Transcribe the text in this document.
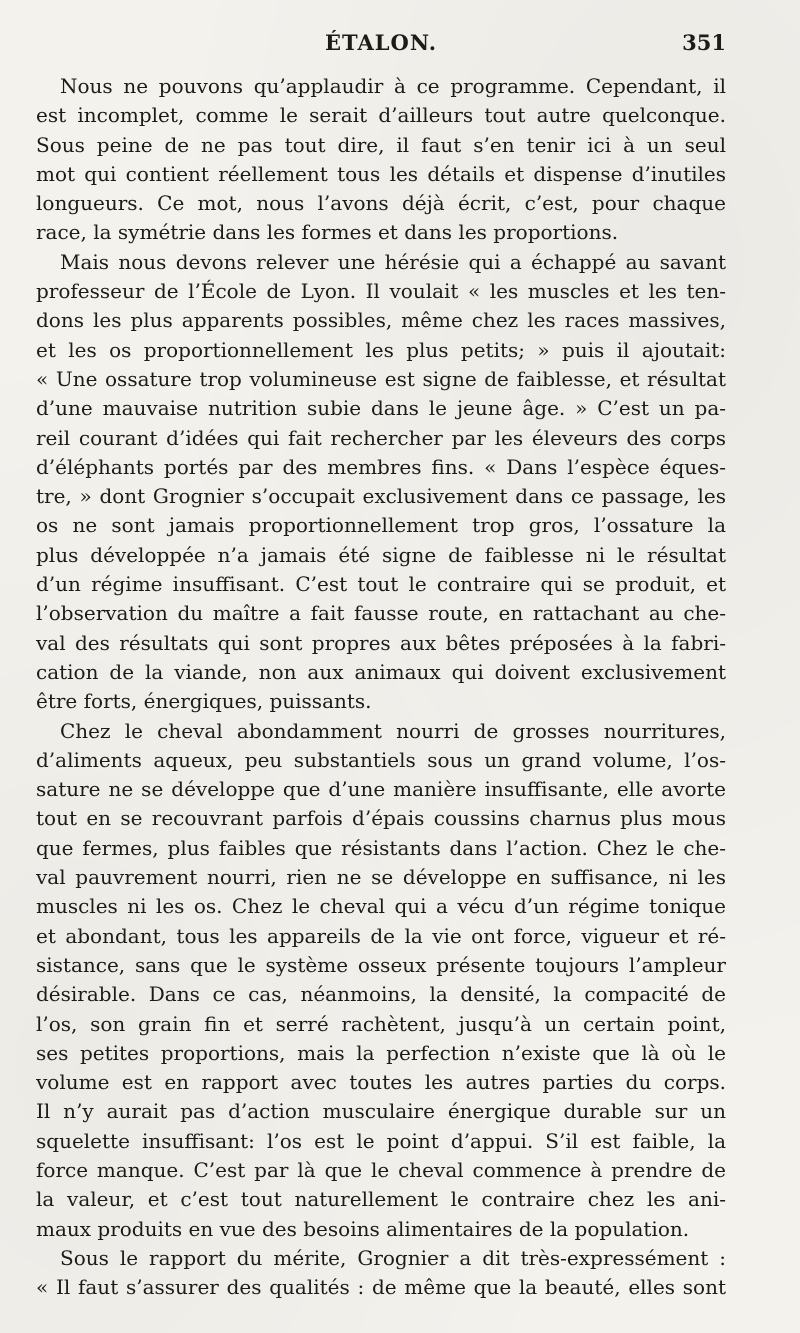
ÉTALON.	351
Nous ne pouvons qu’applaudir à ce programme. Cependant, il
est incomplet, comme le serait d’ailleurs tout autre quelconque.
Sous peine de ne pas tout dire, il faut s’en tenir ici à un seul
mot qui contient réellement tous les détails et dispense d’inutiles
longueurs. Ce mot, nous l’avons déjà écrit, c’est, pour chaque
race, la symétrie dans les formes et dans les proportions.
Mais nous devons relever une hérésie qui a échappé au savant
professeur de l’École de Lyon. Il voulait « les muscles et les ten-
dons les plus apparents possibles, même chez les races massives,
et les os proportionnellement les plus petits; » puis il ajoutait:
« Une ossature trop volumineuse est signe de faiblesse, et résultat
d’une mauvaise nutrition subie dans le jeune âge. » C’est un pa-
reil courant d’idées qui fait rechercher par les éleveurs des corps
d’éléphants portés par des membres fins. « Dans l’espèce éques-
tre, » dont Grognier s’occupait exclusivement dans ce passage, les
os ne sont jamais proportionnellement trop gros, l’ossature la
plus développée n’a jamais été signe de faiblesse ni le résultat
d’un régime insuffisant. C’est tout le contraire qui se produit, et
l’observation du maître a fait fausse route, en rattachant au che-
val des résultats qui sont propres aux bêtes préposées à la fabri-
cation de la viande, non aux animaux qui doivent exclusivement
être forts, énergiques, puissants.
Chez le cheval abondamment nourri de grosses nourritures,
d’aliments aqueux, peu substantiels sous un grand volume, l’os-
sature ne se développe que d’une manière insuffisante, elle avorte
tout en se recouvrant parfois d’épais coussins charnus plus mous
que fermes, plus faibles que résistants dans l’action. Chez le che-
val pauvrement nourri, rien ne se développe en suffisance, ni les
muscles ni les os. Chez le cheval qui a vécu d’un régime tonique
et abondant, tous les appareils de la vie ont force, vigueur et ré-
sistance, sans que le système osseux présente toujours l’ampleur
désirable. Dans ce cas, néanmoins, la densité, la compacité de
l’os, son grain fin et serré rachètent, jusqu’à un certain point,
ses petites proportions, mais la perfection n’existe que là où le
volume est en rapport avec toutes les autres parties du corps.
Il n’y aurait pas d’action musculaire énergique durable sur un
squelette insuffisant: l’os est le point d’appui. S’il est faible, la
force manque. C’est par là que le cheval commence à prendre de
la valeur, et c’est tout naturellement le contraire chez les ani-
maux produits en vue des besoins alimentaires de la population.
Sous le rapport du mérite, Grognier a dit très-expressément :
« Il faut s’assurer des qualités : de même que la beauté, elles sont
